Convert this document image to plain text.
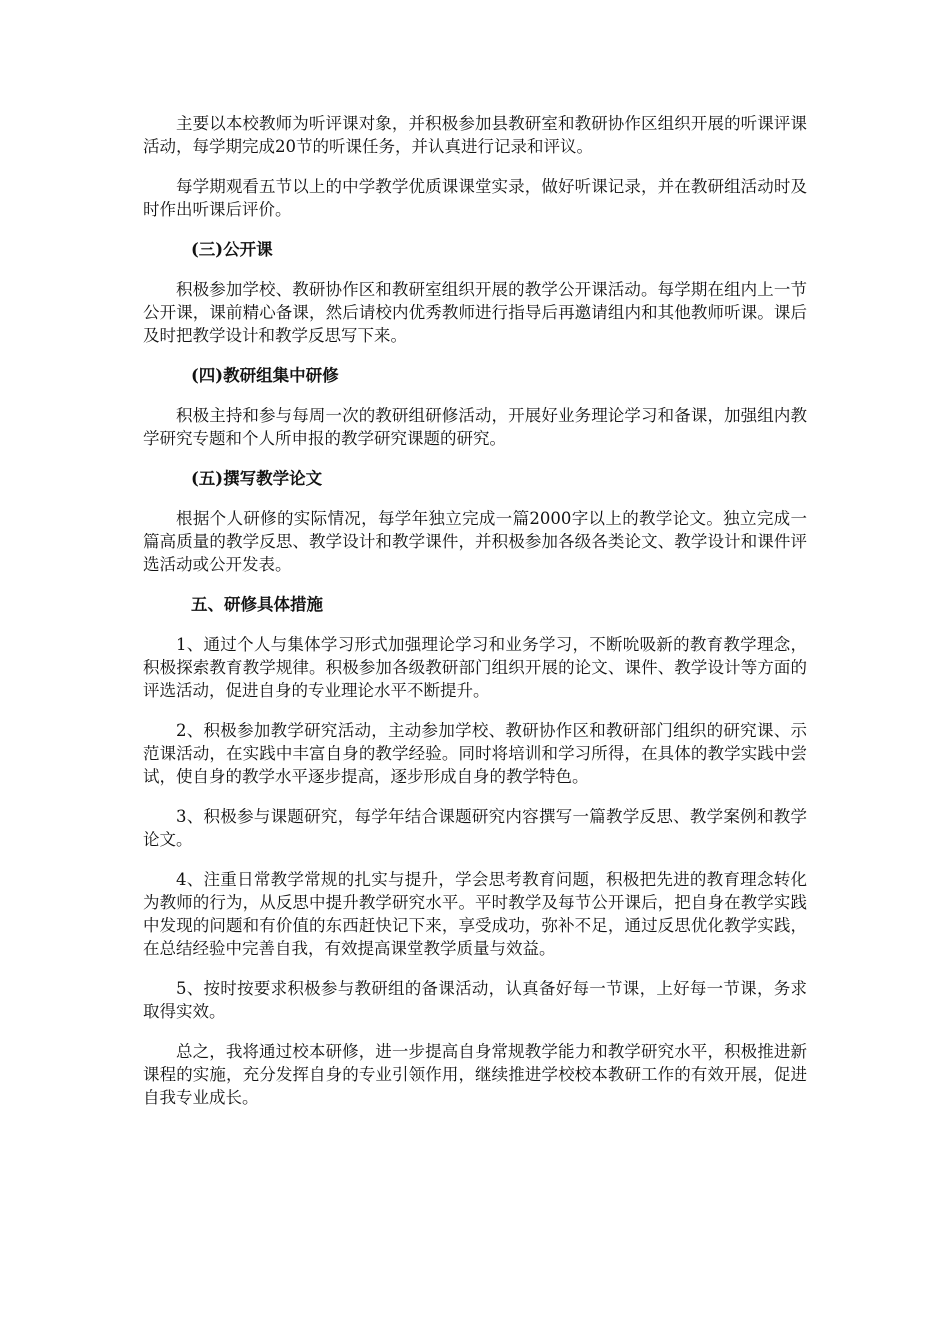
主要以本校教师为听评课对象，并积极参加县教研室和教研协作区组织开展的听课评课活动，每学期完成20节的听课任务，并认真进行记录和评议。

每学期观看五节以上的中学教学优质课课堂实录，做好听课记录，并在教研组活动时及时作出听课后评价。

(三)公开课

积极参加学校、教研协作区和教研室组织开展的教学公开课活动。每学期在组内上一节公开课，课前精心备课，然后请校内优秀教师进行指导后再邀请组内和其他教师听课。课后及时把教学设计和教学反思写下来。

(四)教研组集中研修

积极主持和参与每周一次的教研组研修活动，开展好业务理论学习和备课，加强组内教学研究专题和个人所申报的教学研究课题的研究。

(五)撰写教学论文

根据个人研修的实际情况，每学年独立完成一篇2000字以上的教学论文。独立完成一篇高质量的教学反思、教学设计和教学课件，并积极参加各级各类论文、教学设计和课件评选活动或公开发表。

五、研修具体措施

1、通过个人与集体学习形式加强理论学习和业务学习，不断吮吸新的教育教学理念，积极探索教育教学规律。积极参加各级教研部门组织开展的论文、课件、教学设计等方面的评选活动，促进自身的专业理论水平不断提升。

2、积极参加教学研究活动，主动参加学校、教研协作区和教研部门组织的研究课、示范课活动，在实践中丰富自身的教学经验。同时将培训和学习所得，在具体的教学实践中尝试，使自身的教学水平逐步提高，逐步形成自身的教学特色。

3、积极参与课题研究，每学年结合课题研究内容撰写一篇教学反思、教学案例和教学论文。

4、注重日常教学常规的扎实与提升，学会思考教育问题，积极把先进的教育理念转化为教师的行为，从反思中提升教学研究水平。平时教学及每节公开课后，把自身在教学实践中发现的问题和有价值的东西赶快记下来，享受成功，弥补不足，通过反思优化教学实践，在总结经验中完善自我，有效提高课堂教学质量与效益。

5、按时按要求积极参与教研组的备课活动，认真备好每一节课，上好每一节课，务求取得实效。

总之，我将通过校本研修，进一步提高自身常规教学能力和教学研究水平，积极推进新课程的实施，充分发挥自身的专业引领作用，继续推进学校校本教研工作的有效开展，促进自我专业成长。
